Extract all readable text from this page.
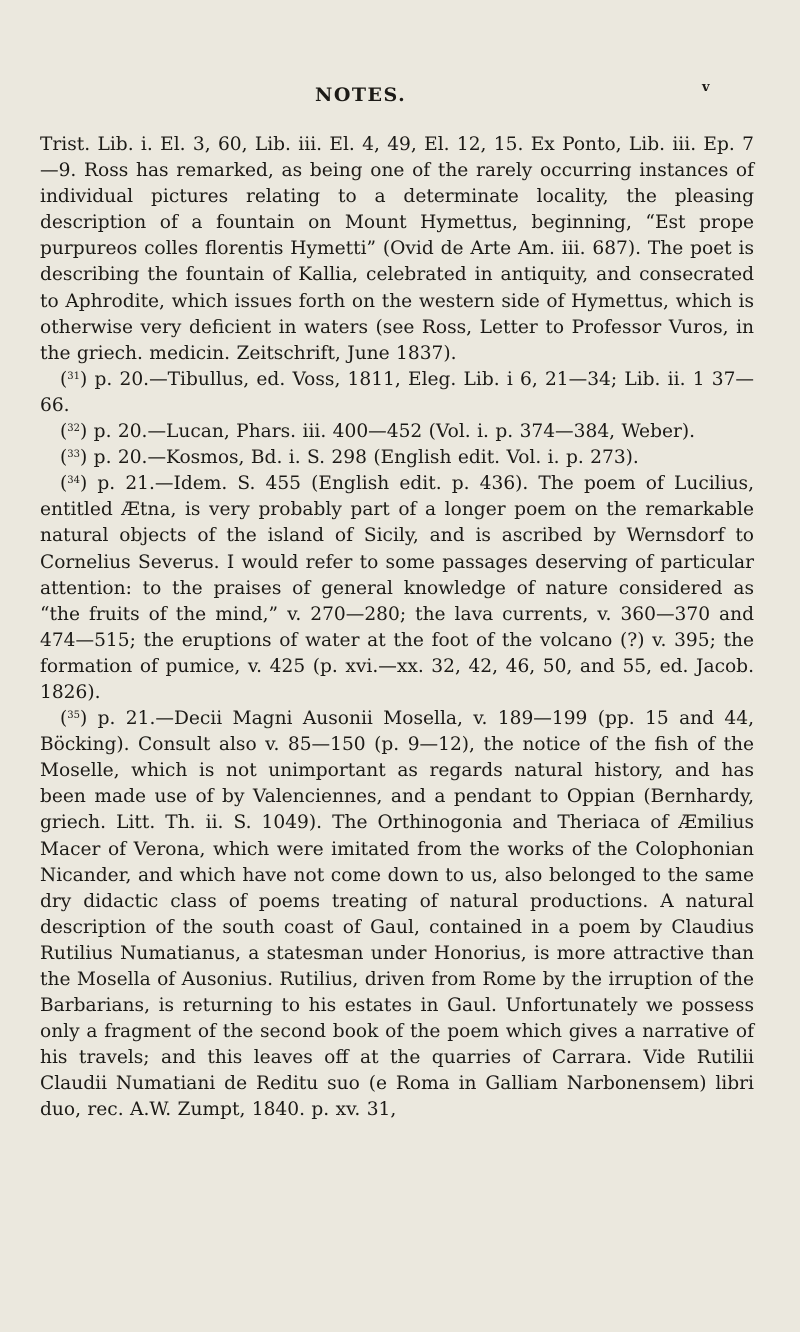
NOTES.	v

Trist. Lib. i. El. 3, 60, Lib. iii. El. 4, 49, El. 12, 15. Ex Ponto, Lib. iii. Ep. 7—9. Ross has remarked, as being one of the rarely occurring instances of individual pictures relating to a determinate locality, the pleasing description of a fountain on Mount Hymettus, beginning, “Est prope purpureos colles florentis Hymetti” (Ovid de Arte Am. iii. 687). The poet is describing the fountain of Kallia, celebrated in antiquity, and consecrated to Aphrodite, which issues forth on the western side of Hymettus, which is otherwise very deficient in waters (see Ross, Letter to Professor Vuros, in the griech. medicin. Zeitschrift, June 1837).

($^{31}$) p. 20.—Tibullus, ed. Voss, 1811, Eleg. Lib. i 6, 21—34; Lib. ii. 1 37—66.

($^{32}$) p. 20.—Lucan, Phars. iii. 400—452 (Vol. i. p. 374—384, Weber).

($^{33}$) p. 20.—Kosmos, Bd. i. S. 298 (English edit. Vol. i. p. 273).

($^{34}$) p. 21.—Idem. S. 455 (English edit. p. 436). The poem of Lucilius, entitled Ætna, is very probably part of a longer poem on the remarkable natural objects of the island of Sicily, and is ascribed by Wernsdorf to Cornelius Severus. I would refer to some passages deserving of particular attention: to the praises of general knowledge of nature considered as “the fruits of the mind,” v. 270—280; the lava currents, v. 360—370 and 474—515; the eruptions of water at the foot of the volcano (?) v. 395; the formation of pumice, v. 425 (p. xvi.—xx. 32, 42, 46, 50, and 55, ed. Jacob. 1826).

($^{35}$) p. 21.—Decii Magni Ausonii Mosella, v. 189—199 (pp. 15 and 44, Böcking). Consult also v. 85—150 (p. 9—12), the notice of the fish of the Moselle, which is not unimportant as regards natural history, and has been made use of by Valenciennes, and a pendant to Oppian (Bernhardy, griech. Litt. Th. ii. S. 1049). The Orthinogonia and Theriaca of Æmilius Macer of Verona, which were imitated from the works of the Colophonian Nicander, and which have not come down to us, also belonged to the same dry didactic class of poems treating of natural productions. A natural description of the south coast of Gaul, contained in a poem by Claudius Rutilius Numatianus, a statesman under Honorius, is more attractive than the Mosella of Ausonius. Rutilius, driven from Rome by the irruption of the Barbarians, is returning to his estates in Gaul. Unfortunately we possess only a fragment of the second book of the poem which gives a narrative of his travels; and this leaves off at the quarries of Carrara. Vide Rutilii Claudii Numatiani de Reditu suo (e Roma in Galliam Narbonensem) libri duo, rec. A.W. Zumpt, 1840. p. xv. 31,
